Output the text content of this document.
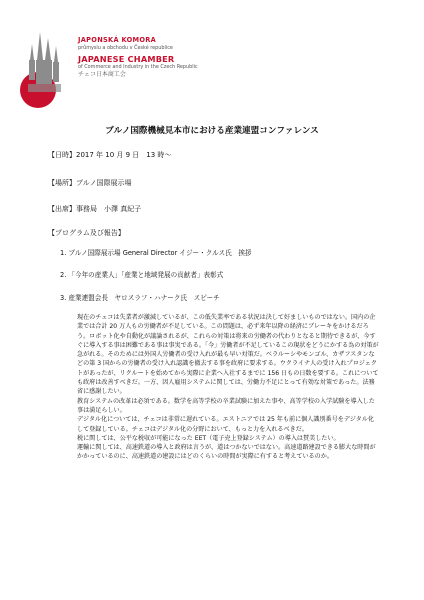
JAPONSKÁ KOMORA
průmyslu a obchodu v České republice
JAPANESE CHAMBER
of Commerce and Industry in the Czech Republic
チェコ日本商工会
ブルノ国際機械見本市における産業連盟コンファレンス
【日時】2017 年 10 月 9 日　13 時～
【場所】ブルノ国際展示場
【出席】事務局　小澤 真紀子
【プログラム及び報告】
1. ブルノ国際展示場 General Director イジー・クルス氏　挨拶
2. 「今年の産業人」「産業と地域発展の貢献者」表彰式
3. 産業連盟会長　ヤロスラフ・ハナーク氏　スピーチ

現在のチェコは失業者が激減しているが、この低失業率である状況は決して好ましいものではない。国内の企業では合計 20 万人もの労働者が不足している。この問題は、必ず来年以降の経済にブレーキをかけるだろう。ロボット化や自動化が議論されるが、これらの対策は将来の労働者の代わりとなると期待できるが、今すぐに導入する事は困難である事は事実である。「今」労働者が不足しているこの現状をどうにかする為の対策が急がれる。そのためには外国人労働者の受け入れが最も早い対策だ。ベラルーシやモンゴル、カザフスタンなどの第 3 国からの労働者の受け入れ認識を撤去する事を政府に要求する。ウクライナ人の受け入れプロジェクトがあったが、リクルートを始めてから実際に企業へ入社するまでに 156 日もの日数を要する。これについても政府は改善すべきだ。一方、因人雇用システムに関しては、労働力不足にとって有効な対策であった。法務省に感謝したい。

教育システムの改革は必須である。数学を高等学校の卒業試験に加えた事や、高等学校の入学試験を導入した事は満足らしい。

デジタル化については、チェコは非常に遅れている。エストニアでは 25 年も前に個人識別番号をデジタル化して登録している。チェコはデジタル化の分野において、もっと力を入れるべきだ。

税に関しては、公平な税収が可能になった EET（電子売上登録システム）の導入は賛美したい。

運輸に関しては、高速鉄道の導入と政府は言うが、道はつかないではない。高速道路建設できる膨大な時間がかかっているのに、高速鉄道の建設にはどのくらいの時間が実際に有すると考えているのか。
